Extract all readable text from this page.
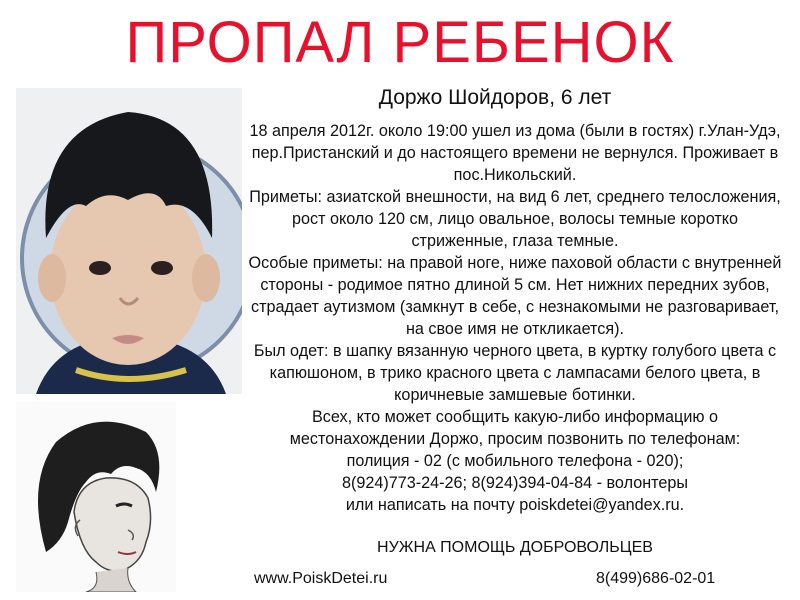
ПРОПАЛ РЕБЕНОК
Доржо Шойдоров, 6 лет

18 апреля 2012г. около 19:00 ушел из дома (были в гостях) г.Улан-Удэ, пер.Пристанский и до настоящего времени не вернулся. Проживает в пос.Никольский.

Приметы: азиатской внешности, на вид 6 лет, среднего телосложения, рост около 120 см, лицо овальное, волосы темные коротко стриженные, глаза темные.

Особые приметы: на правой ноге, ниже паховой области с внутренней стороны - родимое пятно длиной 5 см. Нет нижних передних зубов, страдает аутизмом (замкнут в себе, с незнакомыми не разговаривает, на свое имя не откликается).

Был одет: в шапку вязанную черного цвета, в куртку голубого цвета с капюшоном, в трико красного цвета с лампасами белого цвета, в коричневые замшевые ботинки.

Всех, кто может сообщить какую-либо информацию о местонахождении Доржо, просим позвонить по телефонам:

полиция - 02 (с мобильного телефона - 020);

8(924)773-24-26; 8(924)394-04-84 - волонтеры

или написать на почту poiskdetei@yandex.ru.

НУЖНА ПОМОЩЬ ДОБРОВОЛЬЦЕВ
www.PoiskDetei.ru	8(499)686-02-01
